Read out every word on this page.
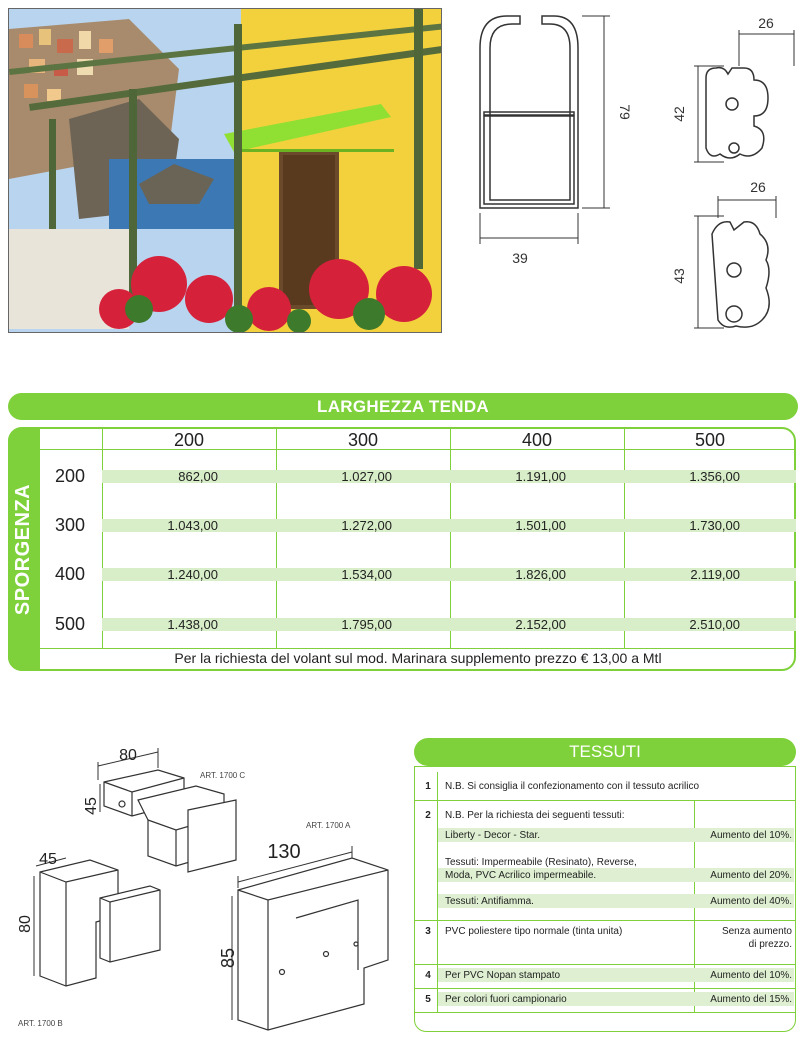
39
79
26
42
26
43
LARGHEZZA TENDA
SPORGENZA
200	300	400	500
200	862,00	1.027,00	1.191,00	1.356,00
300	1.043,00	1.272,00	1.501,00	1.730,00
400	1.240,00	1.534,00	1.826,00	2.119,00
500	1.438,00	1.795,00	2.152,00	2.510,00
Per la richiesta del volant sul mod. Marinara supplemento prezzo € 13,00 a Mtl
80
45
ART. 1700 C
45
80
ART. 1700 B
130
85
ART. 1700 A
TESSUTI
1	N.B. Si consiglia il confezionamento con il tessuto acrilico
2	N.B. Per la richiesta dei seguenti tessuti:
Liberty - Decor - Star.	Aumento del 10%.
Tessuti: Impermeabile (Resinato), Reverse,
Moda, PVC Acrilico impermeabile.	Aumento del 20%.
Tessuti: Antifiamma.	Aumento del 40%.
3	PVC poliestere tipo normale (tinta unita)	Senza aumento
di prezzo.
4	Per PVC Nopan stampato	Aumento del 10%.
5	Per colori fuori campionario	Aumento del 15%.
